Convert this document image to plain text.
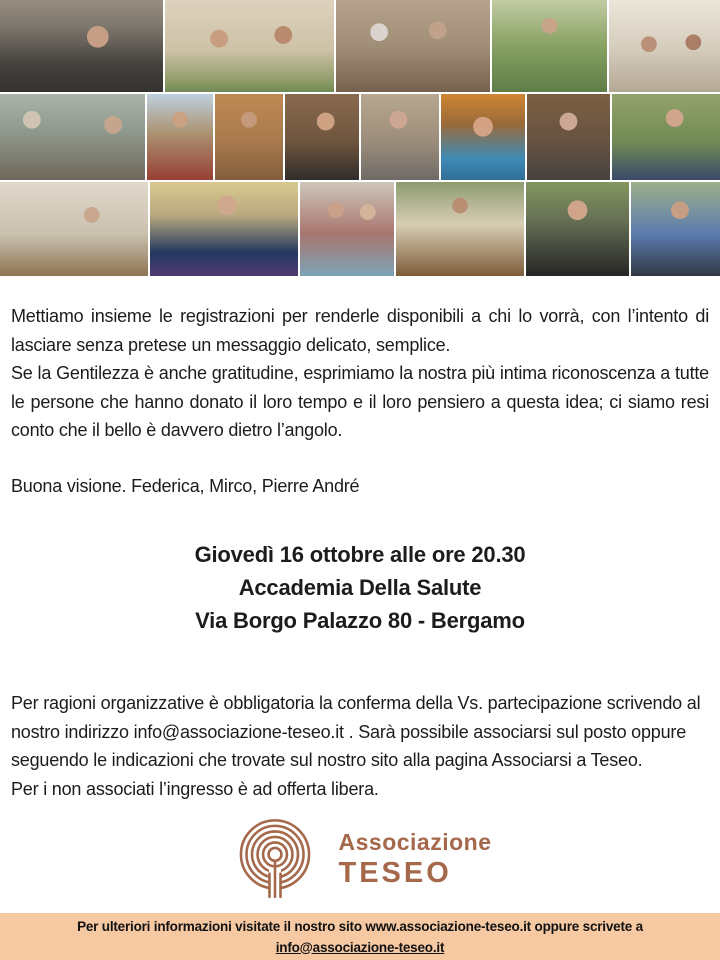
Mettiamo insieme le registrazioni per renderle disponibili a chi lo vorrà, con l’intento di lasciare senza pretese un messaggio delicato, semplice.

Se la Gentilezza è anche gratitudine, esprimiamo la nostra più intima riconoscenza a tutte le persone che hanno donato il loro tempo e il loro pensiero a questa idea; ci siamo resi conto che il bello è davvero dietro l’angolo.

Buona visione. Federica, Mirco, Pierre André

Giovedì 16 ottobre alle ore 20.30
Accademia Della Salute
Via Borgo Palazzo 80 - Bergamo

Per ragioni organizzative è obbligatoria la conferma della Vs. partecipazione scrivendo al nostro indirizzo info@associazione-teseo.it . Sarà possibile associarsi sul posto oppure seguendo le indicazioni che trovate sul nostro sito alla pagina Associarsi a Teseo.

Per i non associati l’ingresso è ad offerta libera.

Associazione
TESEO
Per ulteriori informazioni visitate il nostro sito www.associazione-teseo.it oppure scrivete a
info@associazione-teseo.it
